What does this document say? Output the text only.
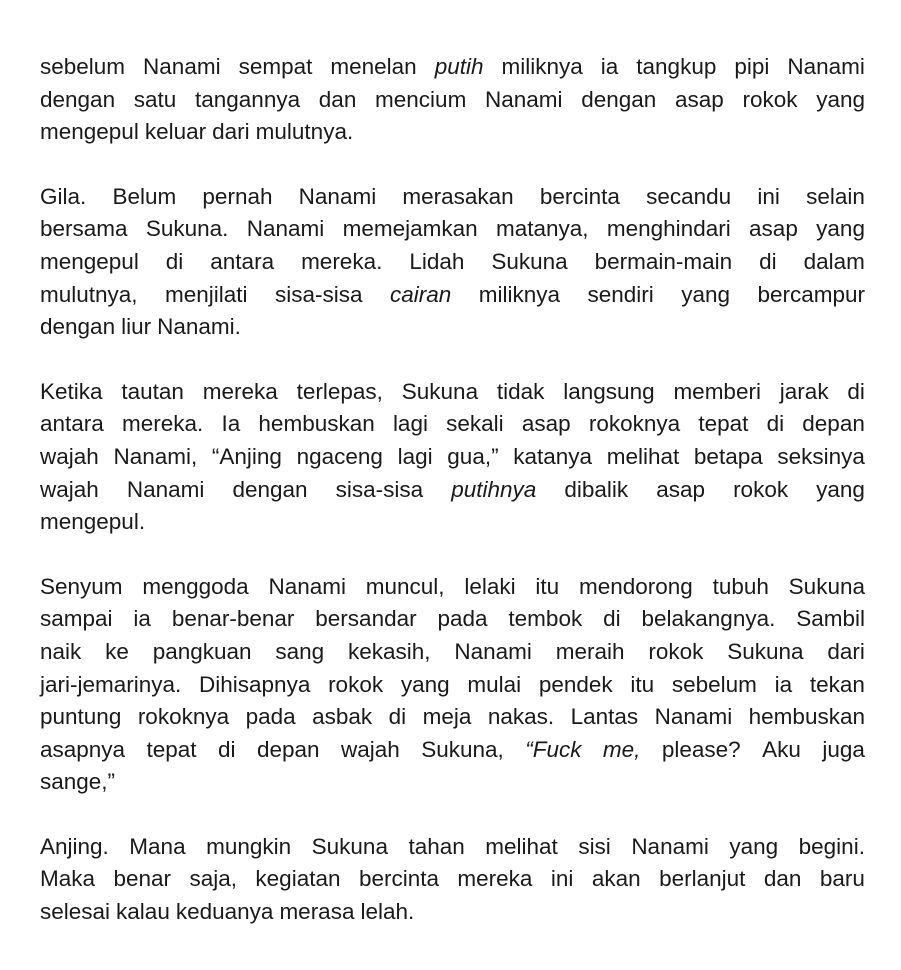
sebelum Nanami sempat menelan putih miliknya ia tangkup pipi Nanami
dengan satu tangannya dan mencium Nanami dengan asap rokok yang
mengepul keluar dari mulutnya.
Gila. Belum pernah Nanami merasakan bercinta secandu ini selain
bersama Sukuna. Nanami memejamkan matanya, menghindari asap yang
mengepul di antara mereka. Lidah Sukuna bermain-main di dalam
mulutnya, menjilati sisa-sisa cairan miliknya sendiri yang bercampur
dengan liur Nanami.
Ketika tautan mereka terlepas, Sukuna tidak langsung memberi jarak di
antara mereka. Ia hembuskan lagi sekali asap rokoknya tepat di depan
wajah Nanami, “Anjing ngaceng lagi gua,” katanya melihat betapa seksinya
wajah Nanami dengan sisa-sisa putihnya dibalik asap rokok yang
mengepul.
Senyum menggoda Nanami muncul, lelaki itu mendorong tubuh Sukuna
sampai ia benar-benar bersandar pada tembok di belakangnya. Sambil
naik ke pangkuan sang kekasih, Nanami meraih rokok Sukuna dari
jari-jemarinya. Dihisapnya rokok yang mulai pendek itu sebelum ia tekan
puntung rokoknya pada asbak di meja nakas. Lantas Nanami hembuskan
asapnya tepat di depan wajah Sukuna, “Fuck me, please? Aku juga
sange,”
Anjing. Mana mungkin Sukuna tahan melihat sisi Nanami yang begini.
Maka benar saja, kegiatan bercinta mereka ini akan berlanjut dan baru
selesai kalau keduanya merasa lelah.
